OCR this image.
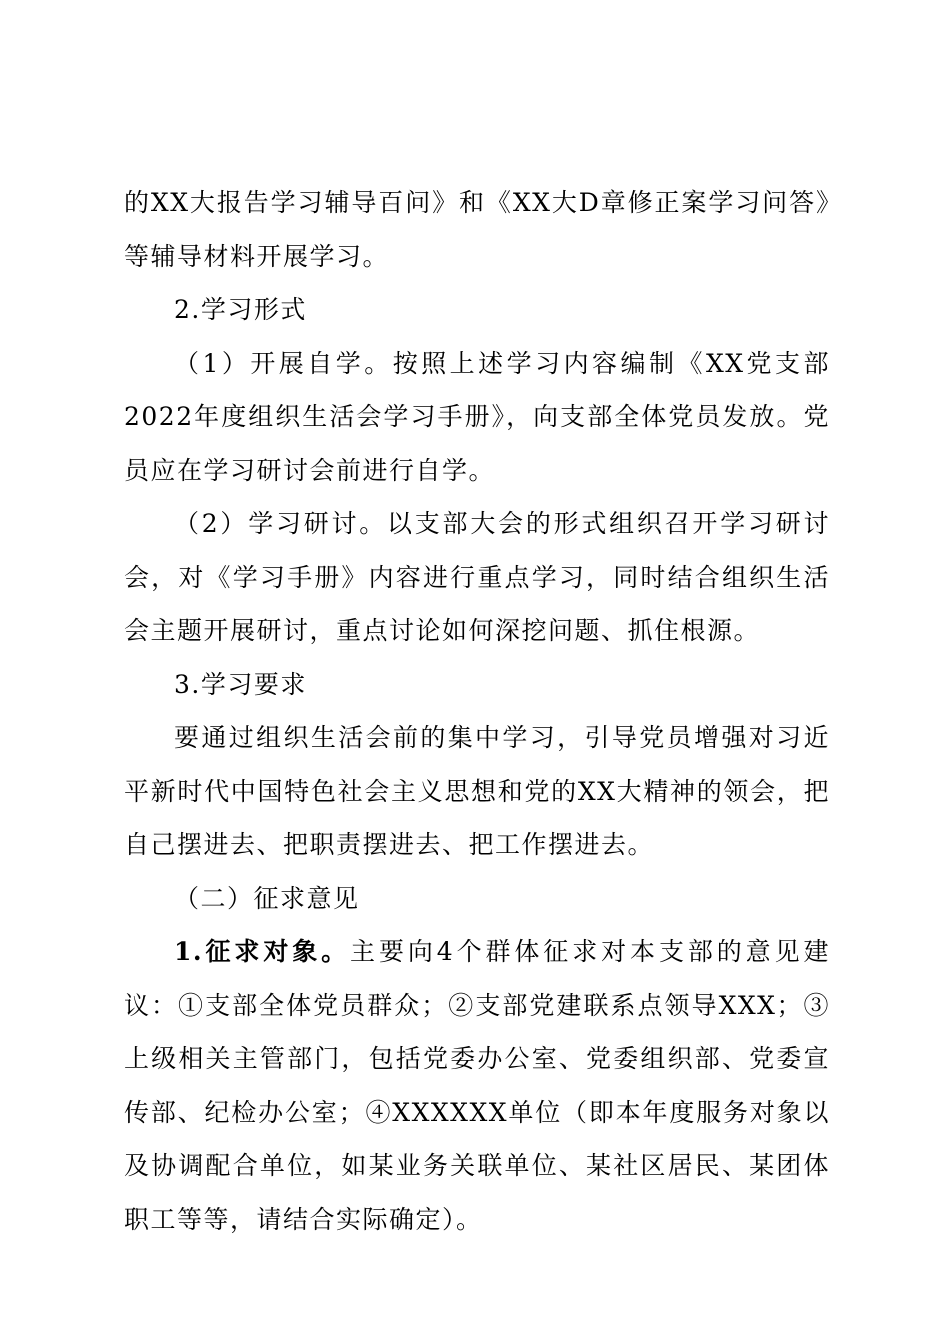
的XX大报告学习辅导百问》和《XX大D章修正案学习问答》等辅导材料开展学习。

2.学习形式

（1）开展自学。按照上述学习内容编制《XX党支部2022年度组织生活会学习手册》，向支部全体党员发放。党员应在学习研讨会前进行自学。

（2）学习研讨。以支部大会的形式组织召开学习研讨会，对《学习手册》内容进行重点学习，同时结合组织生活会主题开展研讨，重点讨论如何深挖问题、抓住根源。

3.学习要求

要通过组织生活会前的集中学习，引导党员增强对习近平新时代中国特色社会主义思想和党的XX大精神的领会，把自己摆进去、把职责摆进去、把工作摆进去。

（二）征求意见

1.征求对象。主要向4个群体征求对本支部的意见建议：①支部全体党员群众；②支部党建联系点领导XXX；③上级相关主管部门，包括党委办公室、党委组织部、党委宣传部、纪检办公室；④XXXXXX单位（即本年度服务对象以及协调配合单位，如某业务关联单位、某社区居民、某团体职工等等，请结合实际确定）。
